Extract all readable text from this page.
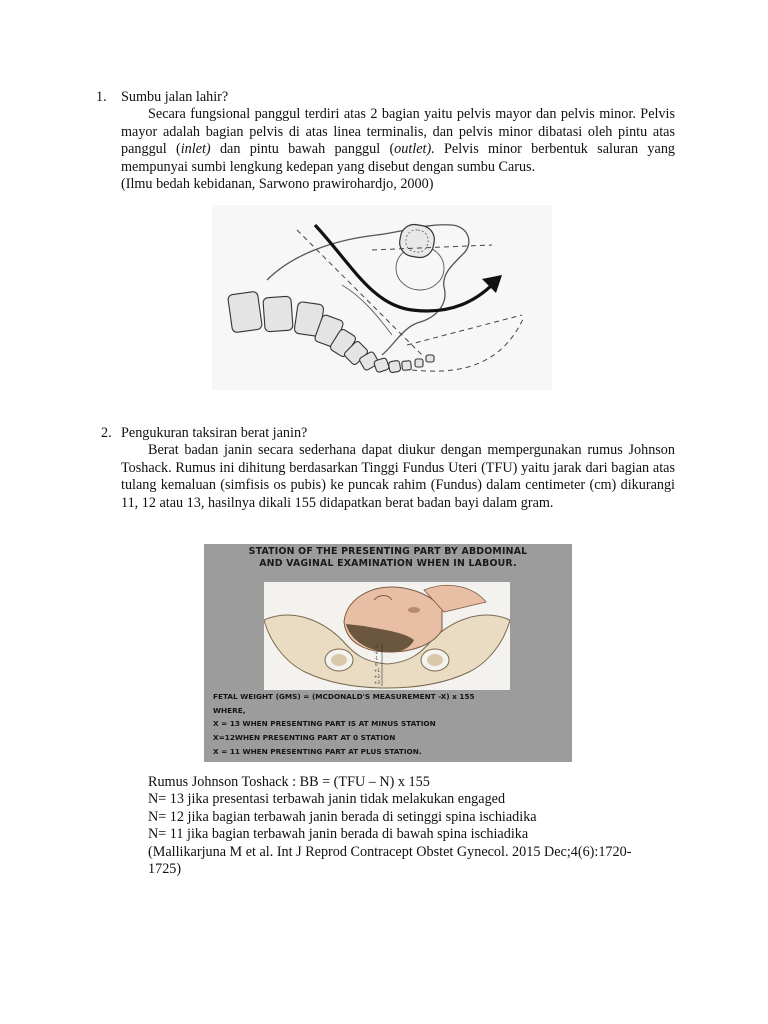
1. Sumbu jalan lahir?

Secara fungsional panggul terdiri atas 2 bagian yaitu pelvis mayor dan pelvis minor. Pelvis mayor adalah bagian pelvis di atas linea terminalis, dan pelvis minor dibatasi oleh pintu atas panggul (inlet) dan pintu bawah panggul (outlet). Pelvis minor berbentuk saluran yang mempunyai sumbi lengkung kedepan yang disebut dengan sumbu Carus.

(Ilmu bedah kebidanan, Sarwono prawirohardjo, 2000)

2. Pengukuran taksiran berat janin?

Berat badan janin secara sederhana dapat diukur dengan mempergunakan rumus Johnson Toshack. Rumus ini dihitung berdasarkan Tinggi Fundus Uteri (TFU) yaitu jarak dari bagian atas tulang kemaluan (simfisis os pubis) ke puncak rahim (Fundus) dalam centimeter (cm) dikurangi 11, 12 atau 13, hasilnya dikali 155 didapatkan berat badan bayi dalam gram.

STATION OF THE PRESENTING PART BY ABDOMINAL
AND VAGINAL EXAMINATION WHEN IN LABOUR.
-3
-2
-1
0
+1
+2
+3
FETAL WEIGHT (GMS) = (MCDONALD'S MEASUREMENT -X) x 155
WHERE,
X = 13 WHEN PRESENTING PART IS AT MINUS STATION
X=12WHEN PRESENTING PART AT 0 STATION
X = 11 WHEN PRESENTING PART AT PLUS STATION.
Rumus Johnson Toshack : BB = (TFU – N) x 155
N= 13 jika presentasi terbawah janin tidak melakukan engaged
N= 12 jika bagian terbawah janin berada di setinggi spina ischiadika
N= 11 jika bagian terbawah janin berada di bawah spina ischiadika
(Mallikarjuna M et al. Int J Reprod Contracept Obstet Gynecol. 2015 Dec;4(6):1720-
1725)
